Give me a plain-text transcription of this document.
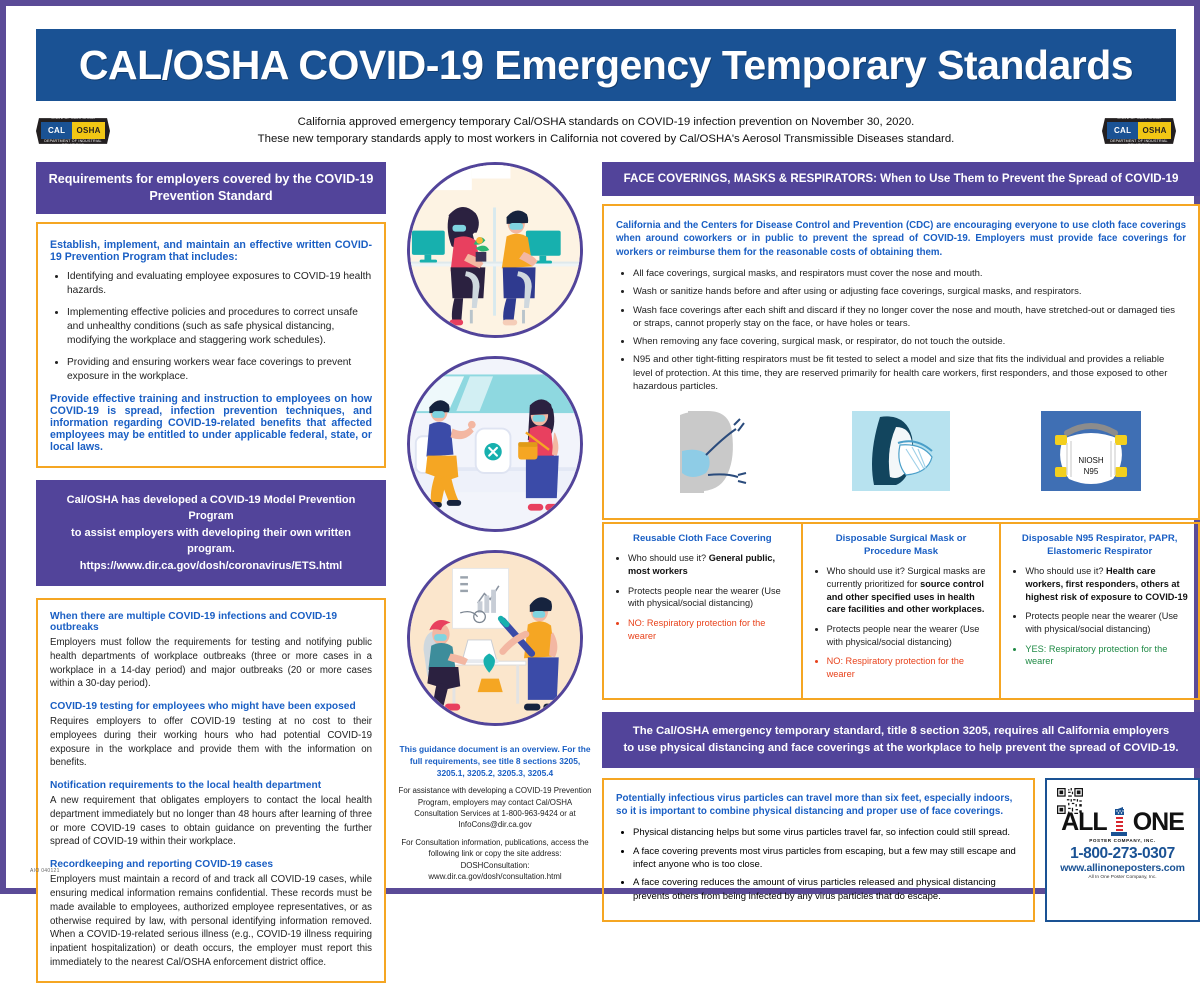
CAL/OSHA COVID-19 Emergency Temporary Standards
STATE OF CALIFORNIA
CAL OSHA
DEPARTMENT OF INDUSTRIAL RELATIONS
California approved emergency temporary Cal/OSHA standards on COVID-19 infection prevention on November 30, 2020.
These new temporary standards apply to most workers in California not covered by Cal/OSHA's Aerosol Transmissible Diseases standard.
STATE OF CALIFORNIA
CAL OSHA
DEPARTMENT OF INDUSTRIAL RELATIONS
Requirements for employers covered by the COVID-19 Prevention Standard
Establish, implement, and maintain an effective written COVID-19 Prevention Program that includes:
• Identifying and evaluating employee exposures to COVID-19 health hazards.
• Implementing effective policies and procedures to correct unsafe and unhealthy conditions (such as safe physical distancing, modifying the workplace and staggering work schedules).
• Providing and ensuring workers wear face coverings to prevent exposure in the workplace.
Provide effective training and instruction to employees on how COVID-19 is spread, infection prevention techniques, and information regarding COVID-19-related benefits that affected employees may be entitled to under applicable federal, state, or local laws.
Cal/OSHA has developed a COVID-19 Model Prevention Program
to assist employers with developing their own written program.
https://www.dir.ca.gov/dosh/coronavirus/ETS.html
When there are multiple COVID-19 infections and COVID-19 outbreaks

Employers must follow the requirements for testing and notifying public health departments of workplace outbreaks (three or more cases in a workplace in a 14-day period) and major outbreaks (20 or more cases within a 30-day period).

COVID-19 testing for employees who might have been exposed

Requires employers to offer COVID-19 testing at no cost to their employees during their working hours who had potential COVID-19 exposure in the workplace and provide them with the information on benefits.

Notification requirements to the local health department

A new requirement that obligates employers to contact the local health department immediately but no longer than 48 hours after learning of three or more COVID-19 cases to obtain guidance on preventing the further spread of COVID-19 within their workplace.

Recordkeeping and reporting COVID-19 cases

Employers must maintain a record of and track all COVID-19 cases, while ensuring medical information remains confidential. These records must be made available to employees, authorized employee representatives, or as otherwise required by law, with personal identifying information removed. When a COVID-19-related serious illness (e.g., COVID-19 illness requiring inpatient hospitalization) or death occurs, the employer must report this immediately to the nearest Cal/OSHA enforcement district office.

This guidance document is an overview. For the full requirements, see title 8 sections 3205, 3205.1, 3205.2, 3205.3, 3205.4

For assistance with developing a COVID-19 Prevention Program, employers may contact Cal/OSHA Consultation Services at 1-800-963-9424 or at InfoCons@dir.ca.gov

For Consultation information, publications, access the following link or copy the site address: DOSHConsultation: www.dir.ca.gov/dosh/consultation.html

FACE COVERINGS, MASKS & RESPIRATORS: When to Use Them to Prevent the Spread of COVID-19
California and the Centers for Disease Control and Prevention (CDC) are encouraging everyone to use cloth face coverings when around coworkers or in public to prevent the spread of COVID-19. Employers must provide face coverings for workers or reimburse them for the reasonable costs of obtaining them.
• All face coverings, surgical masks, and respirators must cover the nose and mouth.
• Wash or sanitize hands before and after using or adjusting face coverings, surgical masks, and respirators.
• Wash face coverings after each shift and discard if they no longer cover the nose and mouth, have stretched-out or damaged ties or straps, cannot properly stay on the face, or have holes or tears.
• When removing any face covering, surgical mask, or respirator, do not touch the outside.
• N95 and other tight-fitting respirators must be fit tested to select a model and size that fits the individual and provides a reliable level of protection. At this time, they are reserved primarily for health care workers, first responders, and those exposed to other hazardous particles.
NIOSH
N95
Reusable Cloth Face Covering
• Who should use it? General public, most workers
• Protects people near the wearer (Use with physical/social distancing)
• NO: Respiratory protection for the wearer
Disposable Surgical Mask or Procedure Mask
• Who should use it? Surgical masks are currently prioritized for source control and other specified uses in health care facilities and other workplaces.
• Protects people near the wearer (Use with physical/social distancing)
• NO: Respiratory protection for the wearer
Disposable N95 Respirator, PAPR, Elastomeric Respirator
• Who should use it? Health care workers, first responders, others at highest risk of exposure to COVID-19
• Protects people near the wearer (Use with physical/social distancing)
• YES: Respiratory protection for the wearer
The Cal/OSHA emergency temporary standard, title 8 section 3205, requires all California employers
to use physical distancing and face coverings at the workplace to help prevent the spread of COVID-19.
Potentially infectious virus particles can travel more than six feet, especially indoors, so it is important to combine physical distancing and proper use of face coverings.
• Physical distancing helps but some virus particles travel far, so infection could still spread.
• A face covering prevents most virus particles from escaping, but a few may still escape and infect anyone who is too close.
• A face covering reduces the amount of virus particles released and physical distancing prevents others from being infected by any virus particles that do escape.
ALL ONE
POSTER COMPANY, INC.
1-800-273-0307
www.allinoneposters.com
All In One Poster Company, Inc.
AIO 040121
